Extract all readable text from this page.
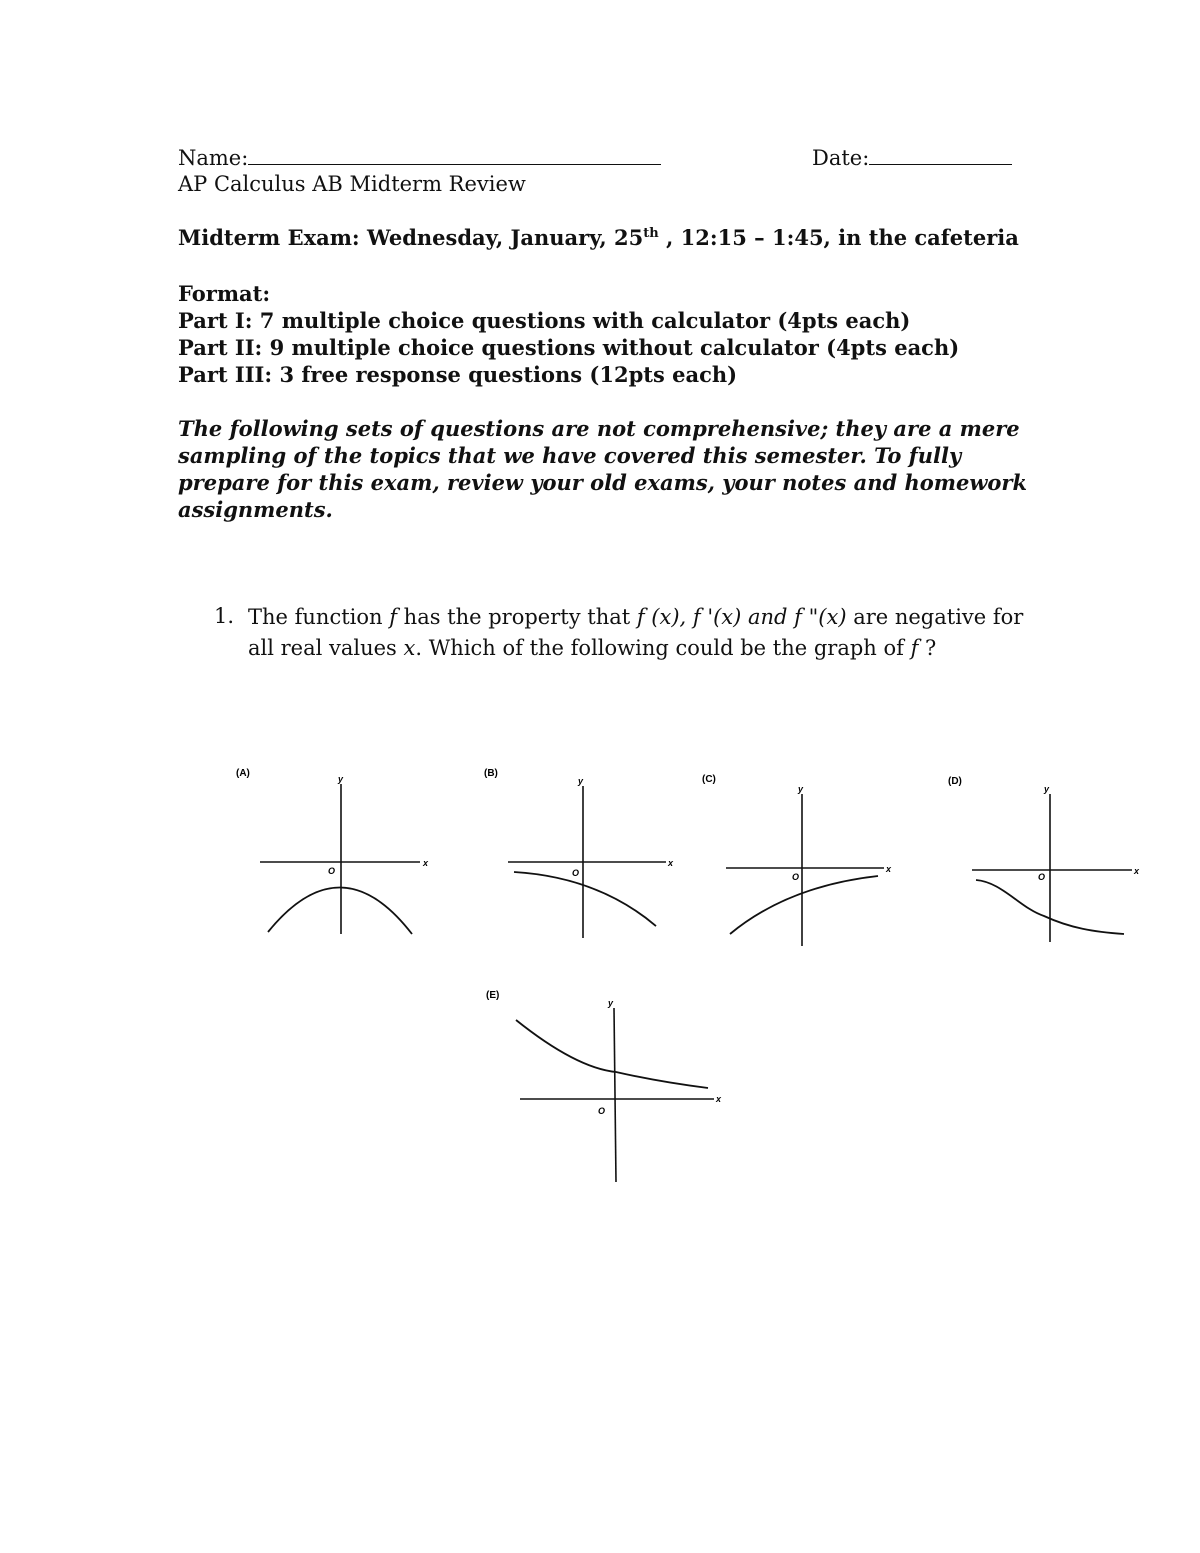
Name:	Date:
AP Calculus AB Midterm Review
Midterm Exam: Wednesday, January, 25th , 12:15 – 1:45, in the cafeteria
Format:
Part I: 7 multiple choice questions with calculator (4pts each)
Part II: 9 multiple choice questions without calculator (4pts each)
Part III: 3 free response questions (12pts each)
The following sets of questions are not comprehensive; they are a mere sampling of the topics that we have covered this semester. To fully prepare for this exam, review your old exams, your notes and homework assignments.
1. The function f has the property that f (x), f '(x) and f "(x) are negative for all real values x. Which of the following could be the graph of f ?
(A)	y
x
O
(B)
y
x
O
(C)
y
x
O
(D)
y
x
O
(E)
y
x
O
